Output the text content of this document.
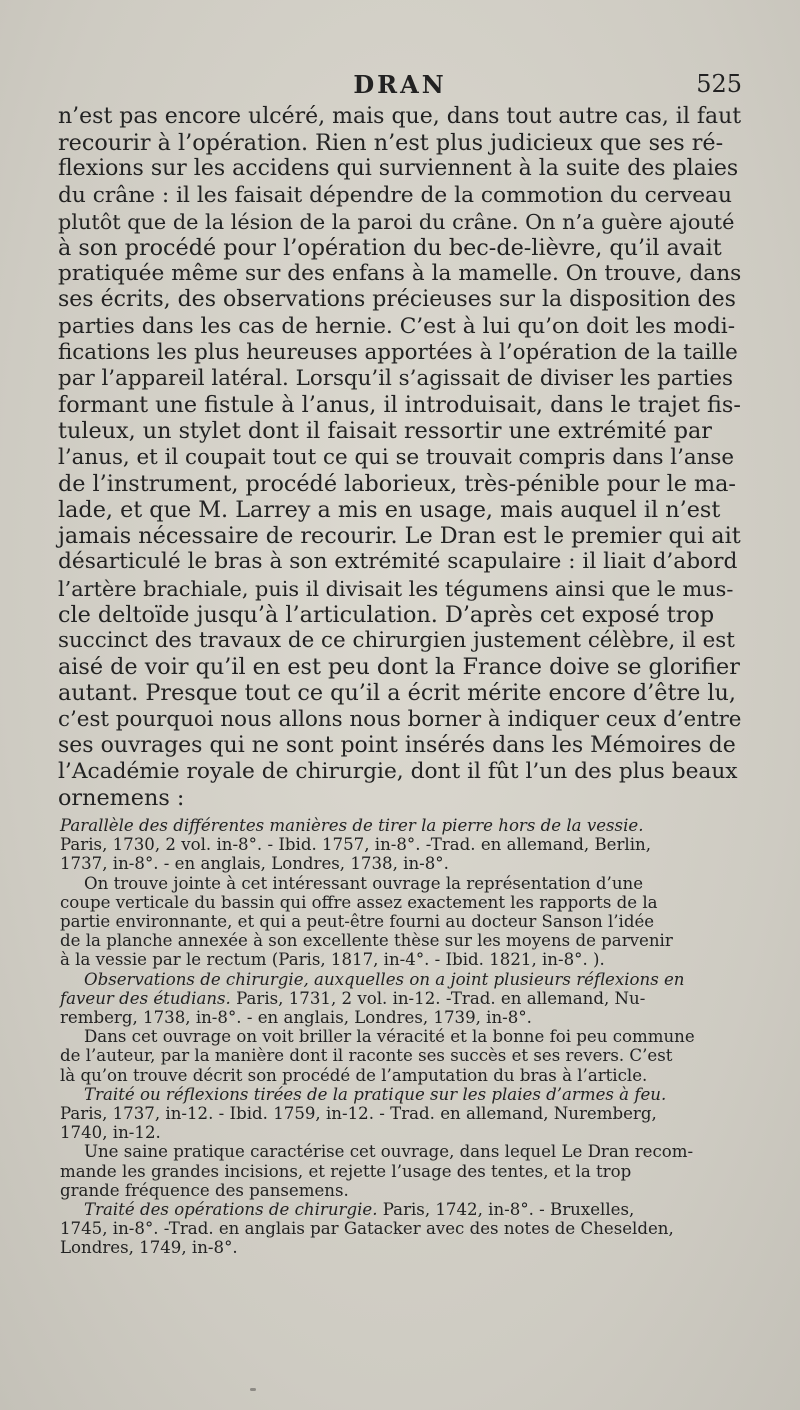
DRAN	525
n’est pas encore ulcéré, mais que, dans tout autre cas, il faut
recourir à l’opération. Rien n’est plus judicieux que ses ré-
flexions sur les accidens qui surviennent à la suite des plaies
du crâne : il les faisait dépendre de la commotion du cerveau
plutôt que de la lésion de la paroi du crâne. On n’a guère ajouté
à son procédé pour l’opération du bec-de-lièvre, qu’il avait
pratiquée même sur des enfans à la mamelle. On trouve, dans
ses écrits, des observations précieuses sur la disposition des
parties dans les cas de hernie. C’est à lui qu’on doit les modi-
fications les plus heureuses apportées à l’opération de la taille
par l’appareil latéral. Lorsqu’il s’agissait de diviser les parties
formant une fistule à l’anus, il introduisait, dans le trajet fis-
tuleux, un stylet dont il faisait ressortir une extrémité par
l’anus, et il coupait tout ce qui se trouvait compris dans l’anse
de l’instrument, procédé laborieux, très-pénible pour le ma-
lade, et que M. Larrey a mis en usage, mais auquel il n’est
jamais nécessaire de recourir. Le Dran est le premier qui ait
désarticulé le bras à son extrémité scapulaire : il liait d’abord
l’artère brachiale, puis il divisait les tégumens ainsi que le mus-
cle deltoïde jusqu’à l’articulation. D’après cet exposé trop
succinct des travaux de ce chirurgien justement célèbre, il est
aisé de voir qu’il en est peu dont la France doive se glorifier
autant. Presque tout ce qu’il a écrit mérite encore d’être lu,
c’est pourquoi nous allons nous borner à indiquer ceux d’entre
ses ouvrages qui ne sont point insérés dans les Mémoires de
l’Académie royale de chirurgie, dont il fût l’un des plus beaux
ornemens :
Parallèle des différentes manières de tirer la pierre hors de la vessie.
Paris, 1730, 2 vol. in-8°. - Ibid. 1757, in-8°. -Trad. en allemand, Berlin,
1737, in-8°. - en anglais, Londres, 1738, in-8°.
On trouve jointe à cet intéressant ouvrage la représentation d’une
coupe verticale du bassin qui offre assez exactement les rapports de la
partie environnante, et qui a peut-être fourni au docteur Sanson l’idée
de la planche annexée à son excellente thèse sur les moyens de parvenir
à la vessie par le rectum (Paris, 1817, in-4°. - Ibid. 1821, in-8°. ).
Observations de chirurgie, auxquelles on a joint plusieurs réflexions en
faveur des étudians. Paris, 1731, 2 vol. in-12. -Trad. en allemand, Nu-
remberg, 1738, in-8°. - en anglais, Londres, 1739, in-8°.
Dans cet ouvrage on voit briller la véracité et la bonne foi peu commune
de l’auteur, par la manière dont il raconte ses succès et ses revers. C’est
là qu’on trouve décrit son procédé de l’amputation du bras à l’article.
Traité ou réflexions tirées de la pratique sur les plaies d’armes à feu.
Paris, 1737, in-12. - Ibid. 1759, in-12. - Trad. en allemand, Nuremberg,
1740, in-12.
Une saine pratique caractérise cet ouvrage, dans lequel Le Dran recom-
mande les grandes incisions, et rejette l’usage des tentes, et la trop
grande fréquence des pansemens.
Traité des opérations de chirurgie. Paris, 1742, in-8°. - Bruxelles,
1745, in-8°. -Trad. en anglais par Gatacker avec des notes de Cheselden,
Londres, 1749, in-8°.
